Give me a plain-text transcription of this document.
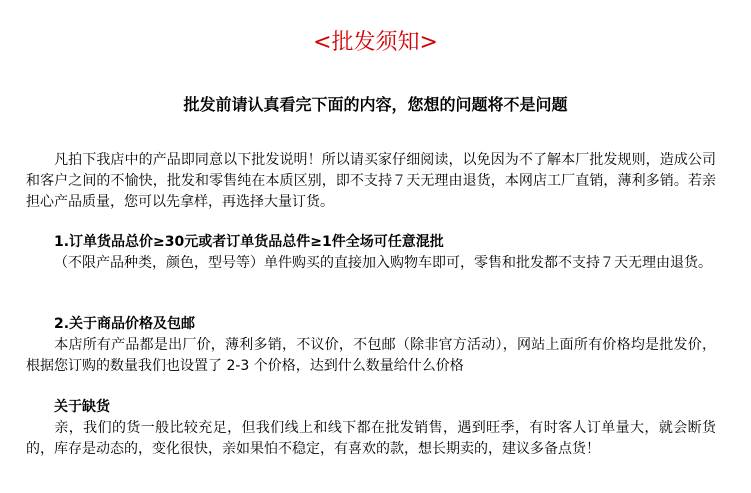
<批发须知>
批发前请认真看完下面的内容，您想的问题将不是问题

凡拍下我店中的产品即同意以下批发说明！所以请买家仔细阅读，以免因为不了解本厂批发规则，造成公司和客户之间的不愉快，批发和零售纯在本质区别，即不支持７天无理由退货，本网店工厂直销，薄利多销。若亲担心产品质量，您可以先拿样，再选择大量订货。

1.订单货品总价≥30元或者订单货品总件≥1件全场可任意混批

（不限产品种类，颜色，型号等）单件购买的直接加入购物车即可，零售和批发都不支持７天无理由退货。

2.关于商品价格及包邮

本店所有产品都是出厂价，薄利多销，不议价，不包邮（除非官方活动），网站上面所有价格均是批发价，根据您订购的数量我们也设置了 2-3 个价格，达到什么数量给什么价格

关于缺货

亲，我们的货一般比较充足，但我们线上和线下都在批发销售，遇到旺季，有时客人订单量大，就会断货的，库存是动态的，变化很快，亲如果怕不稳定，有喜欢的款，想长期卖的，建议多备点货！
